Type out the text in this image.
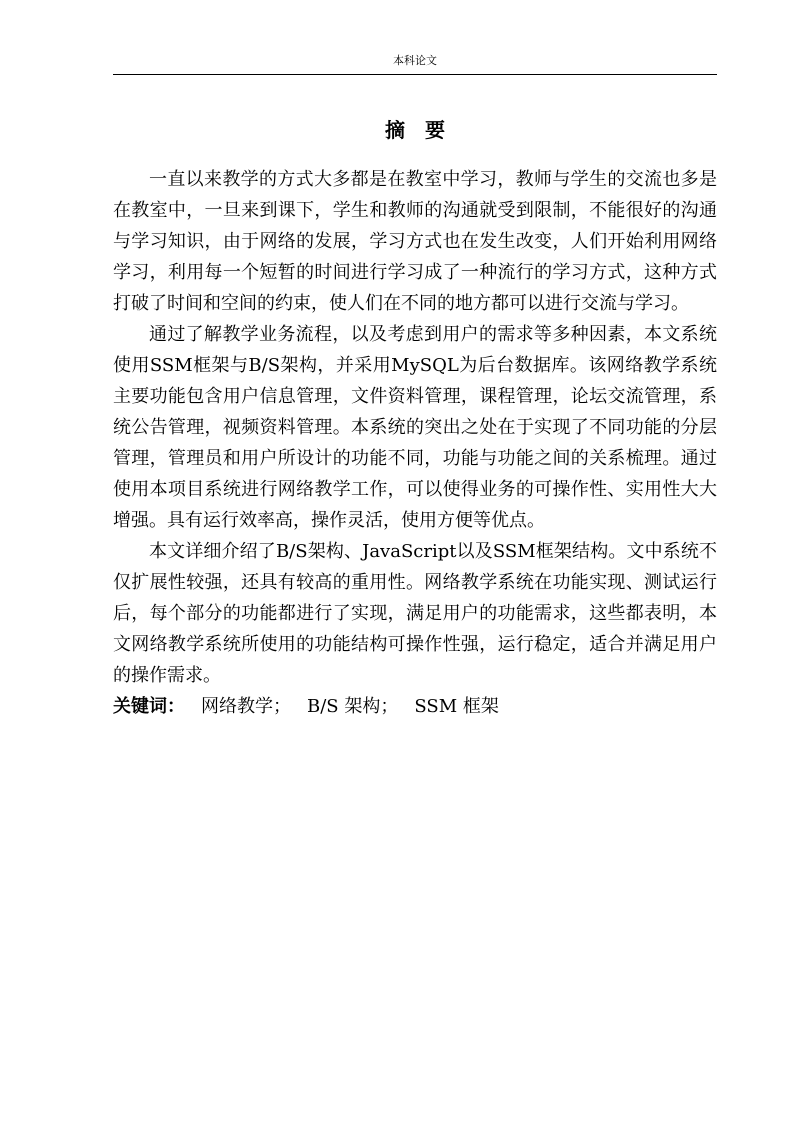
本科论文
摘　要

一直以来教学的方式大多都是在教室中学习，教师与学生的交流也多是在教室中，一旦来到课下，学生和教师的沟通就受到限制，不能很好的沟通与学习知识，由于网络的发展，学习方式也在发生改变，人们开始利用网络学习，利用每一个短暂的时间进行学习成了一种流行的学习方式，这种方式打破了时间和空间的约束，使人们在不同的地方都可以进行交流与学习。

通过了解教学业务流程，以及考虑到用户的需求等多种因素，本文系统使用SSM框架与B/S架构，并采用MySQL为后台数据库。该网络教学系统主要功能包含用户信息管理，文件资料管理，课程管理，论坛交流管理，系统公告管理，视频资料管理。本系统的突出之处在于实现了不同功能的分层管理，管理员和用户所设计的功能不同，功能与功能之间的关系梳理。通过使用本项目系统进行网络教学工作，可以使得业务的可操作性、实用性大大增强。具有运行效率高，操作灵活，使用方便等优点。

本文详细介绍了B/S架构、JavaScript以及SSM框架结构。文中系统不仅扩展性较强，还具有较高的重用性。网络教学系统在功能实现、测试运行后，每个部分的功能都进行了实现，满足用户的功能需求，这些都表明，本文网络教学系统所使用的功能结构可操作性强，运行稳定，适合并满足用户的操作需求。

关键词： 网络教学； B/S 架构； SSM 框架
